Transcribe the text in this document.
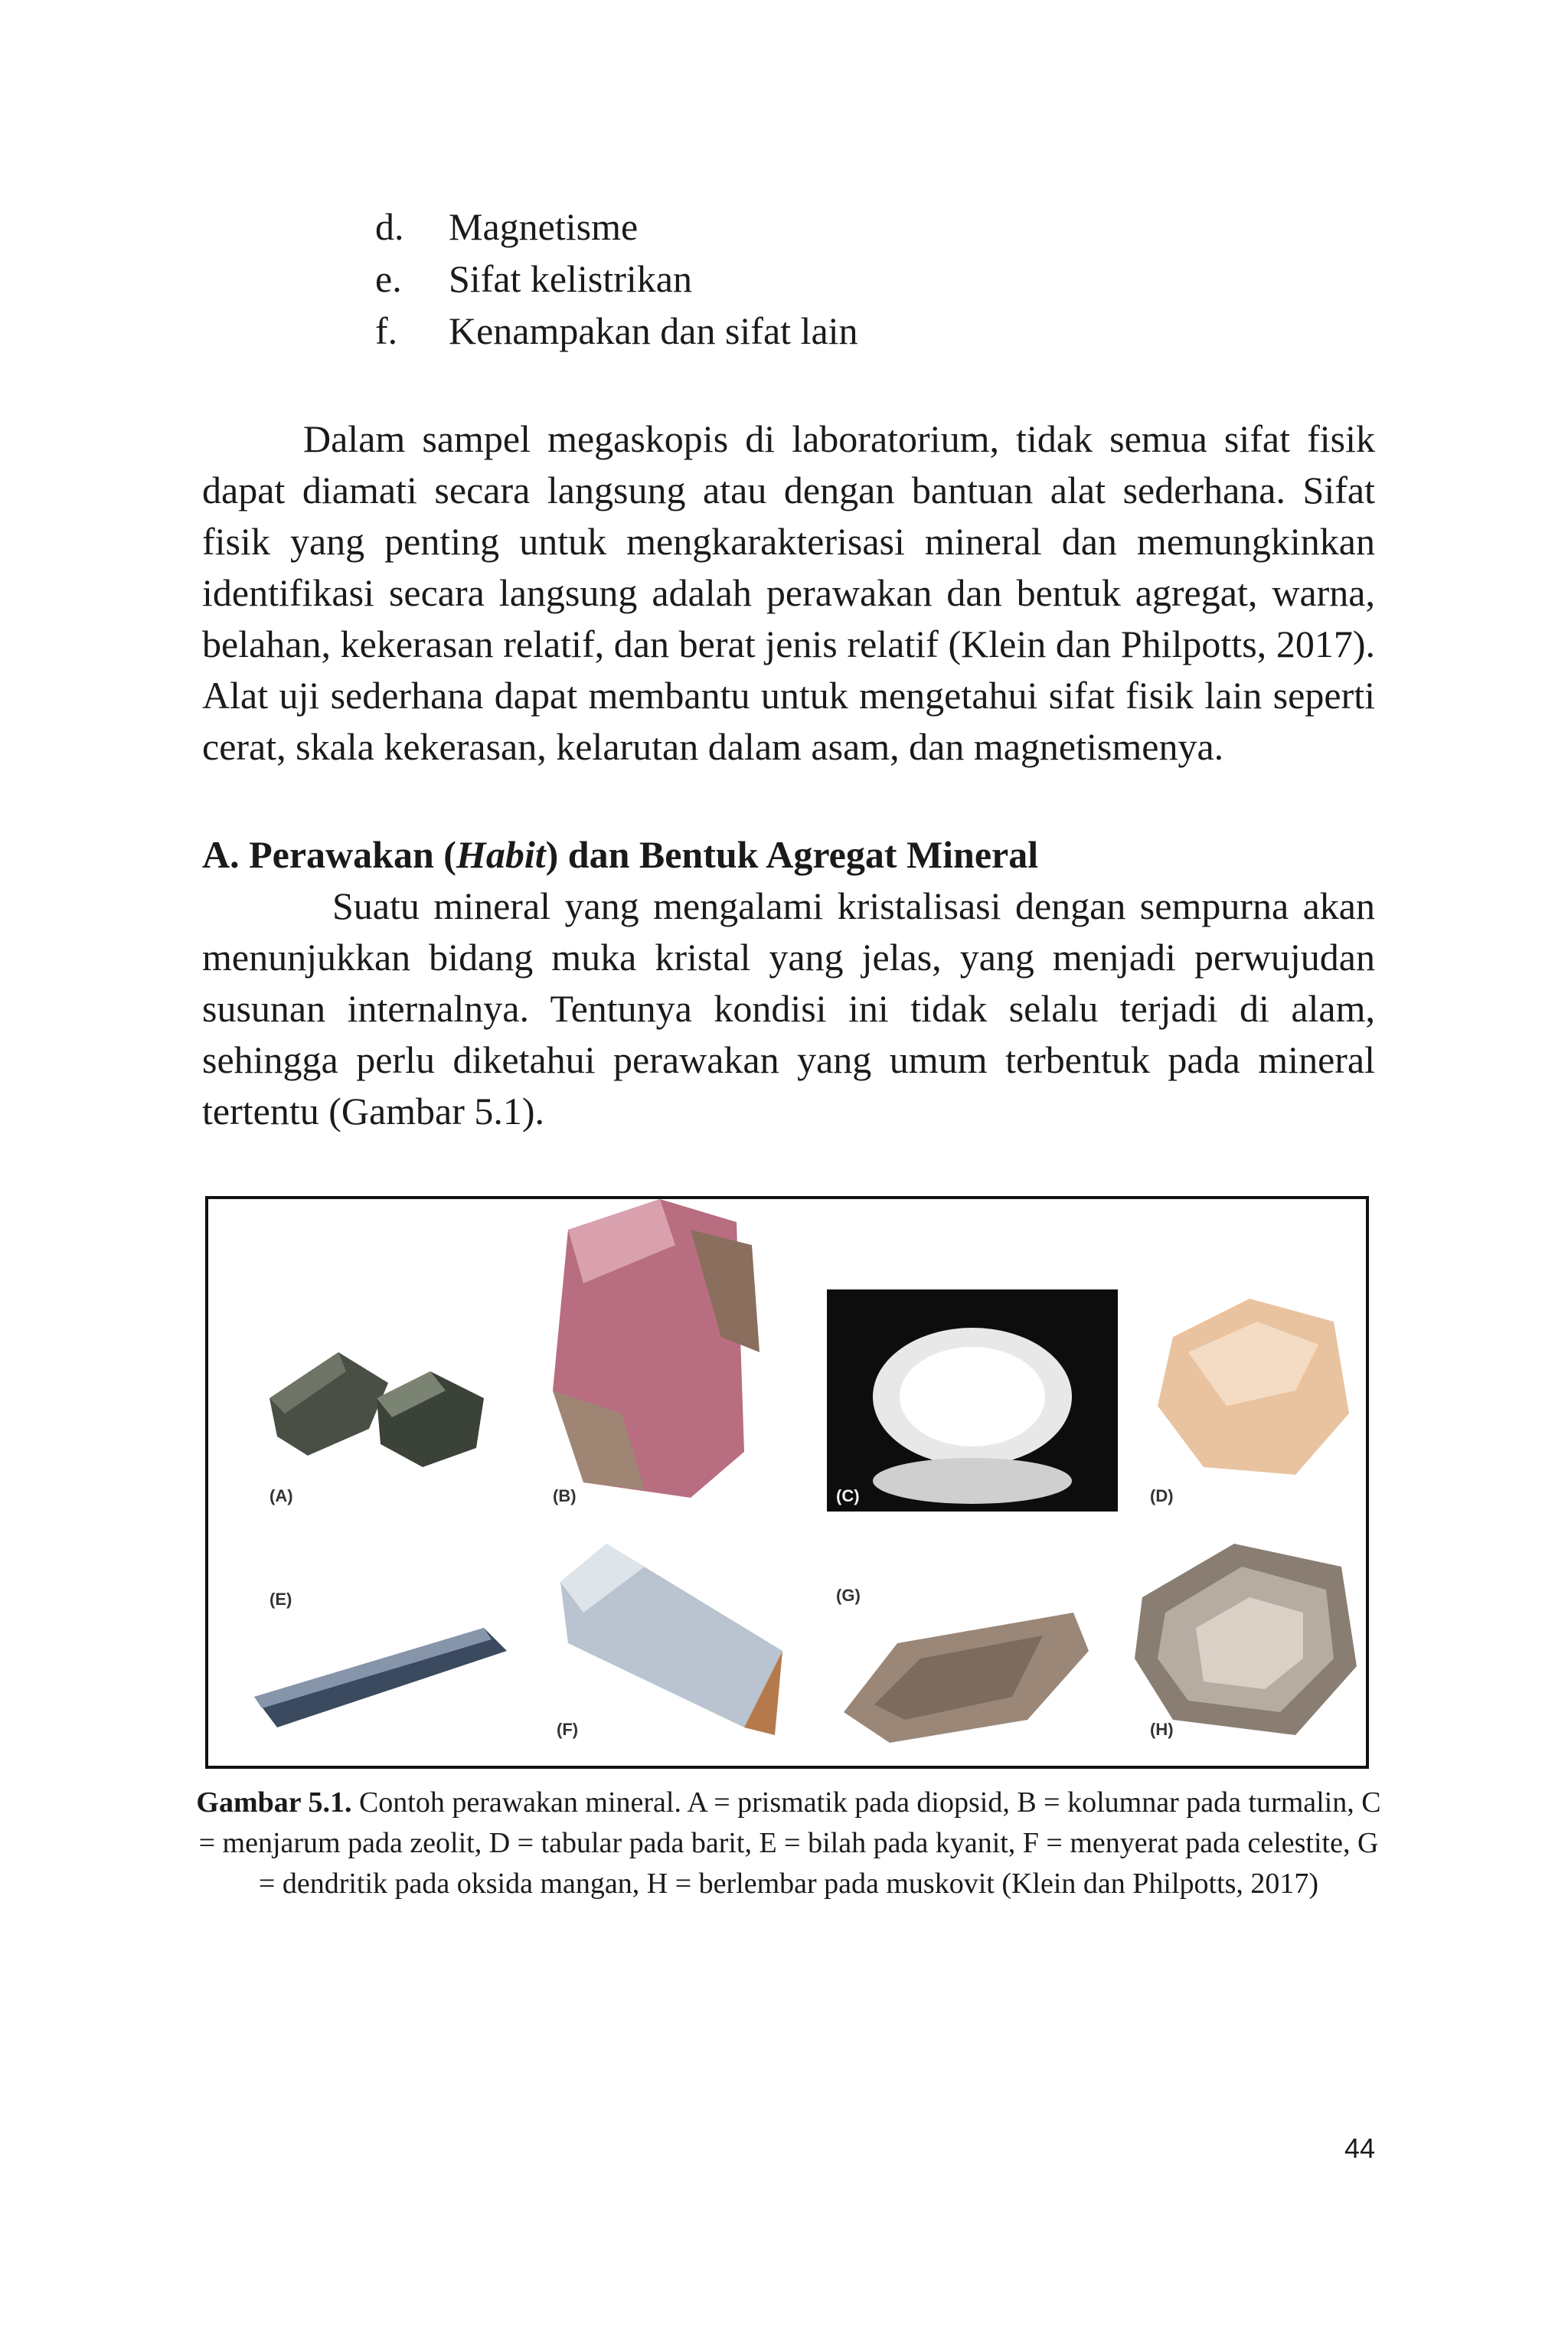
d.	Magnetisme
e.	Sifat kelistrikan
f.	Kenampakan dan sifat lain

Dalam sampel megaskopis di laboratorium, tidak semua sifat fisik dapat diamati secara langsung atau dengan bantuan alat sederhana. Sifat fisik yang penting untuk mengkarakterisasi mineral dan memungkinkan identifikasi secara langsung adalah perawakan dan bentuk agregat, warna, belahan, kekerasan relatif, dan berat jenis relatif (Klein dan Philpotts, 2017). Alat uji sederhana dapat membantu untuk mengetahui sifat fisik lain seperti cerat, skala kekerasan, kelarutan dalam asam, dan magnetismenya.

A. Perawakan (Habit) dan Bentuk Agregat Mineral

Suatu mineral yang mengalami kristalisasi dengan sempurna akan menunjukkan bidang muka kristal yang jelas, yang menjadi perwujudan susunan internalnya. Tentunya kondisi ini tidak selalu terjadi di alam, sehingga perlu diketahui perawakan yang umum terbentuk pada mineral tertentu (Gambar 5.1).

(A)	(B)	(C)	(D)
(E)
(F)
(G)
(H)

Gambar 5.1. Contoh perawakan mineral. A = prismatik pada diopsid, B = kolumnar pada turmalin, C = menjarum pada zeolit, D = tabular pada barit, E = bilah pada kyanit, F = menyerat pada celestite, G = dendritik pada oksida mangan, H = berlembar pada muskovit (Klein dan Philpotts, 2017)

44
